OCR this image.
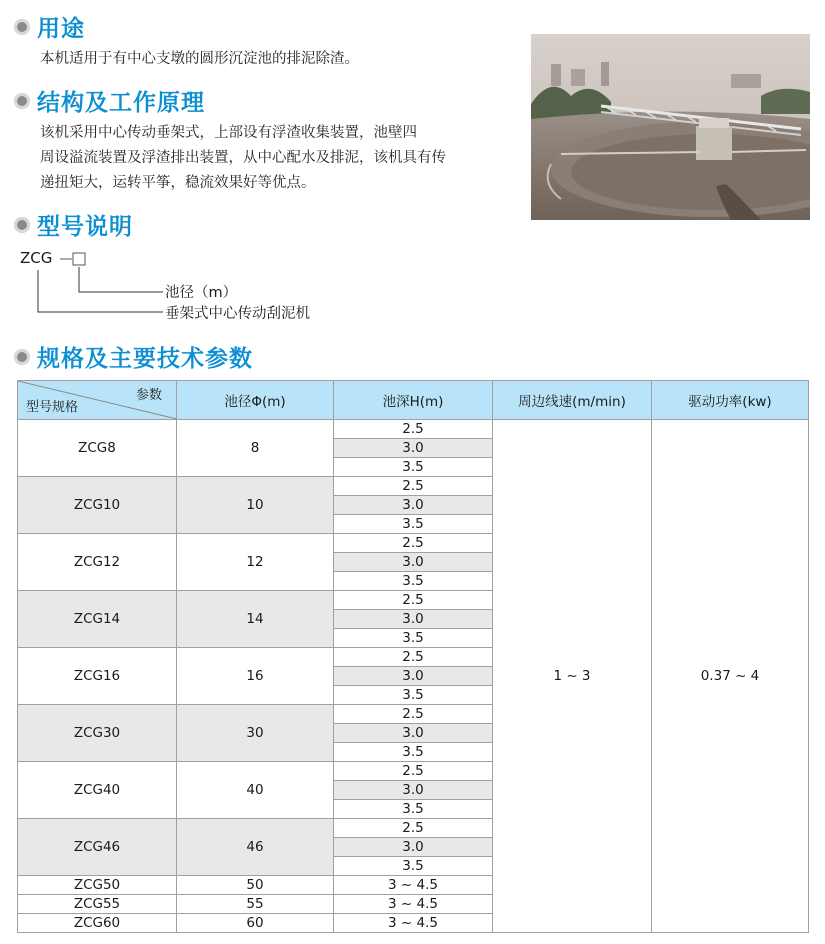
用途
本机适用于有中心支墩的圆形沉淀池的排泥除渣。
结构及工作原理
该机采用中心传动垂架式，上部设有浮渣收集装置，池壁四
周设溢流装置及浮渣排出装置，从中心配水及排泥，该机具有传
递扭矩大，运转平筝，稳流效果好等优点。
型号说明
ZCG
池径（m）
垂架式中心传动刮泥机
规格及主要技术参数
参数
型号规格	池径Φ(m)	池深H(m)	周边线速(m/min)	驱动功率(kw)
ZCG8	8	2.5	1 ~ 3	0.37 ~ 4
		3.0		
		3.5		
ZCG10	10	2.5		
		3.0		
		3.5		
ZCG12	12	2.5		
		3.0		
		3.5		
ZCG14	14	2.5		
		3.0		
		3.5		
ZCG16	16	2.5		
		3.0		
		3.5		
ZCG30	30	2.5		
		3.0		
		3.5		
ZCG40	40	2.5		
		3.0		
		3.5		
ZCG46	46	2.5		
		3.0		
		3.5		
ZCG50	50	3 ~ 4.5		
ZCG55	55	3 ~ 4.5		
ZCG60	60	3 ~ 4.5		
